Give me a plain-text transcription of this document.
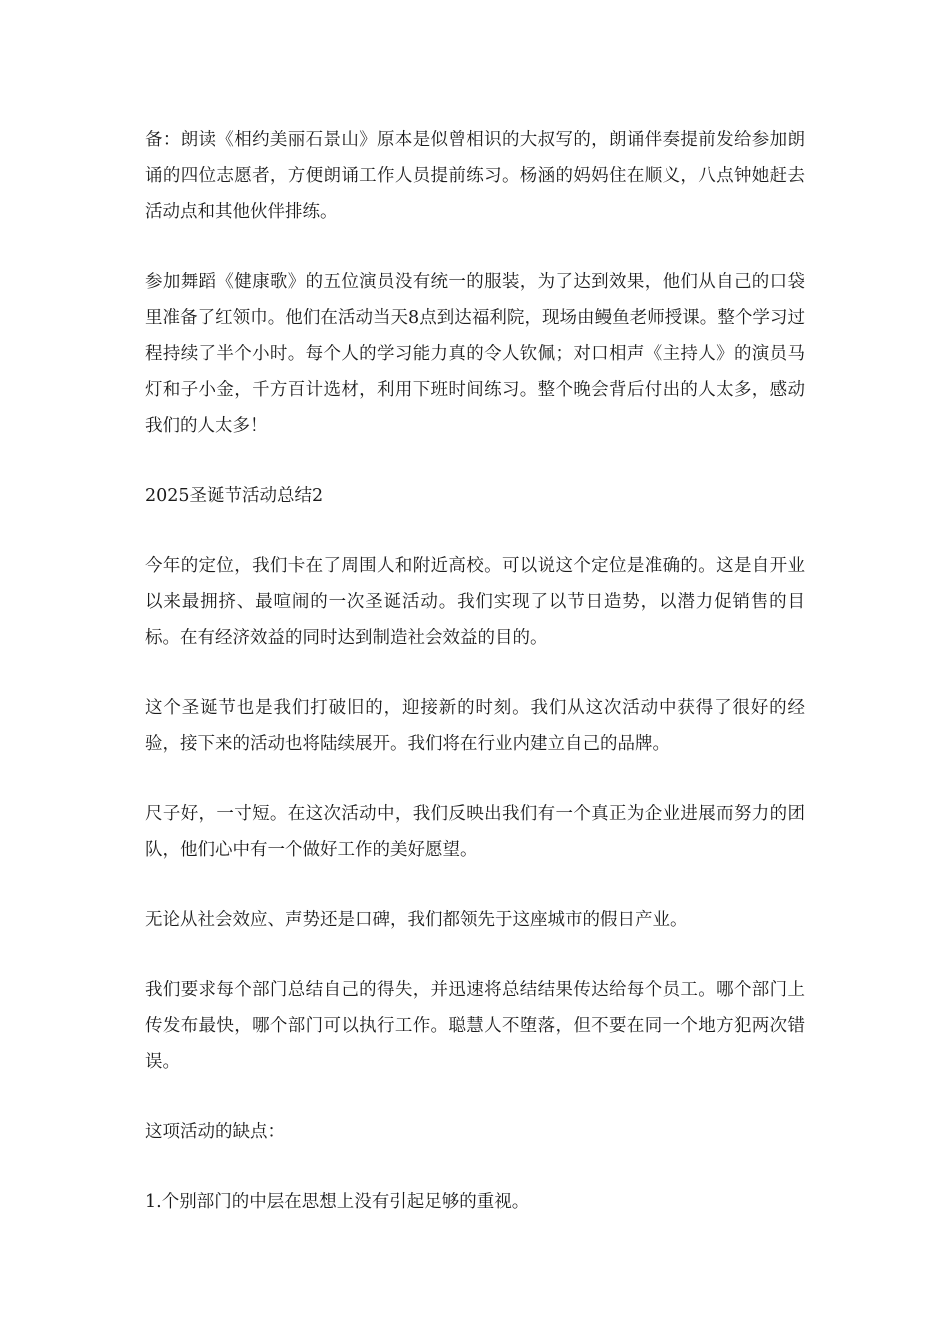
备：朗读《相约美丽石景山》原本是似曾相识的大叔写的，朗诵伴奏提前发给参加朗诵的四位志愿者，方便朗诵工作人员提前练习。杨涵的妈妈住在顺义，八点钟她赶去活动点和其他伙伴排练。

参加舞蹈《健康歌》的五位演员没有统一的服装，为了达到效果，他们从自己的口袋里准备了红领巾。他们在活动当天8点到达福利院，现场由鳗鱼老师授课。整个学习过程持续了半个小时。每个人的学习能力真的令人钦佩；对口相声《主持人》的演员马灯和子小金，千方百计选材，利用下班时间练习。整个晚会背后付出的人太多，感动我们的人太多！

2025圣诞节活动总结2

今年的定位，我们卡在了周围人和附近高校。可以说这个定位是准确的。这是自开业以来最拥挤、最喧闹的一次圣诞活动。我们实现了以节日造势，以潜力促销售的目标。在有经济效益的同时达到制造社会效益的目的。

这个圣诞节也是我们打破旧的，迎接新的时刻。我们从这次活动中获得了很好的经验，接下来的活动也将陆续展开。我们将在行业内建立自己的品牌。

尺子好，一寸短。在这次活动中，我们反映出我们有一个真正为企业进展而努力的团队，他们心中有一个做好工作的美好愿望。

无论从社会效应、声势还是口碑，我们都领先于这座城市的假日产业。

我们要求每个部门总结自己的得失，并迅速将总结结果传达给每个员工。哪个部门上传发布最快，哪个部门可以执行工作。聪慧人不堕落，但不要在同一个地方犯两次错误。

这项活动的缺点：

1.个别部门的中层在思想上没有引起足够的重视。
